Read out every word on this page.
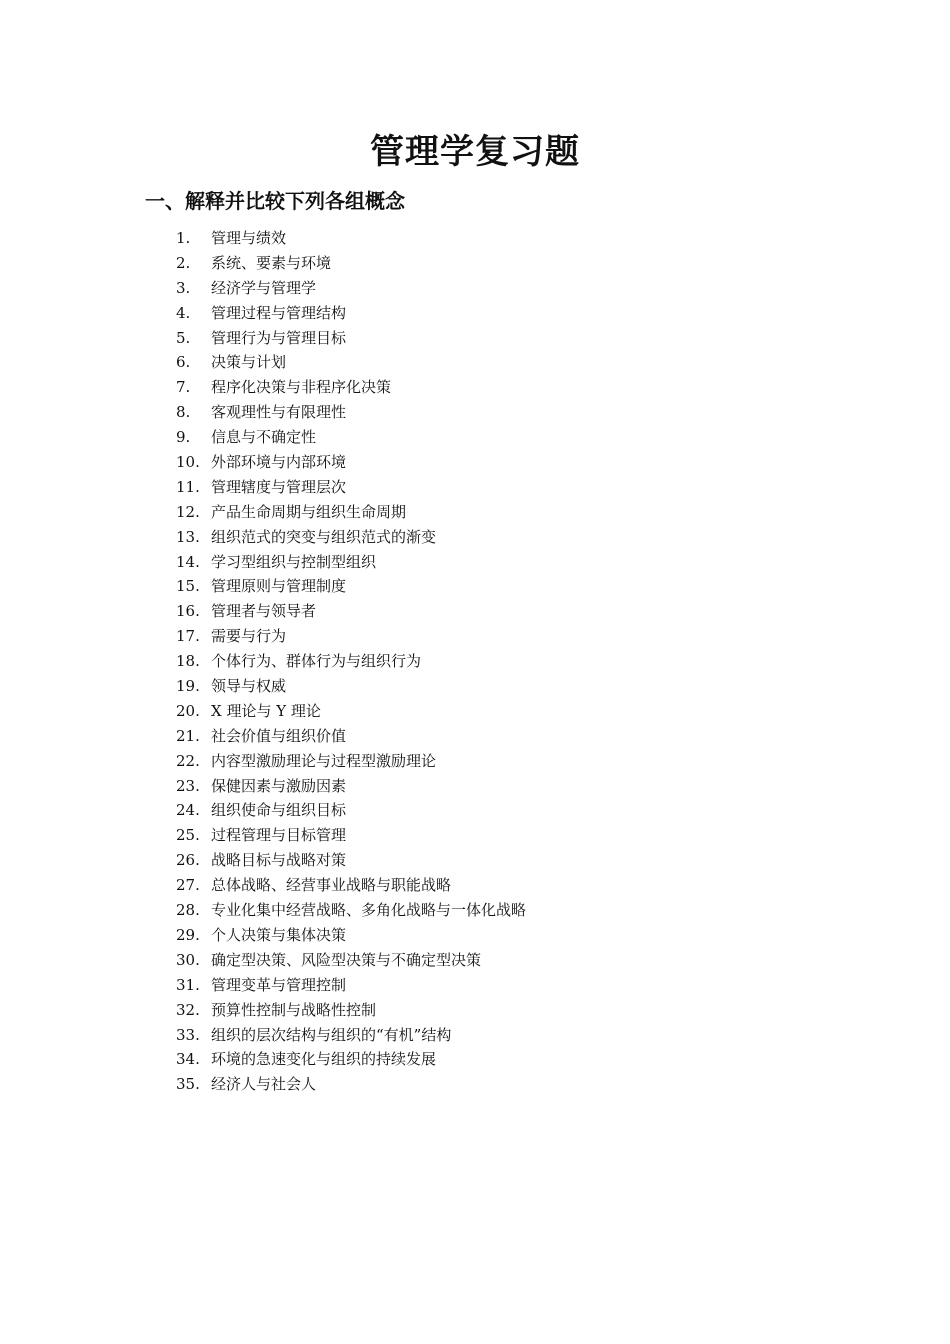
管理学复习题
一、解释并比较下列各组概念
1.	管理与绩效
2.	系统、要素与环境
3.	经济学与管理学
4.	管理过程与管理结构
5.	管理行为与管理目标
6.	决策与计划
7.	程序化决策与非程序化决策
8.	客观理性与有限理性
9.	信息与不确定性
10. 外部环境与内部环境
11. 管理辖度与管理层次
12. 产品生命周期与组织生命周期
13. 组织范式的突变与组织范式的渐变
14. 学习型组织与控制型组织
15. 管理原则与管理制度
16. 管理者与领导者
17. 需要与行为
18. 个体行为、群体行为与组织行为
19. 领导与权威
20. X 理论与 Y 理论
21. 社会价值与组织价值
22. 内容型激励理论与过程型激励理论
23. 保健因素与激励因素
24. 组织使命与组织目标
25. 过程管理与目标管理
26. 战略目标与战略对策
27. 总体战略、经营事业战略与职能战略
28. 专业化集中经营战略、多角化战略与一体化战略
29. 个人决策与集体决策
30. 确定型决策、风险型决策与不确定型决策
31. 管理变革与管理控制
32. 预算性控制与战略性控制
33. 组织的层次结构与组织的“有机”结构
34. 环境的急速变化与组织的持续发展
35. 经济人与社会人
